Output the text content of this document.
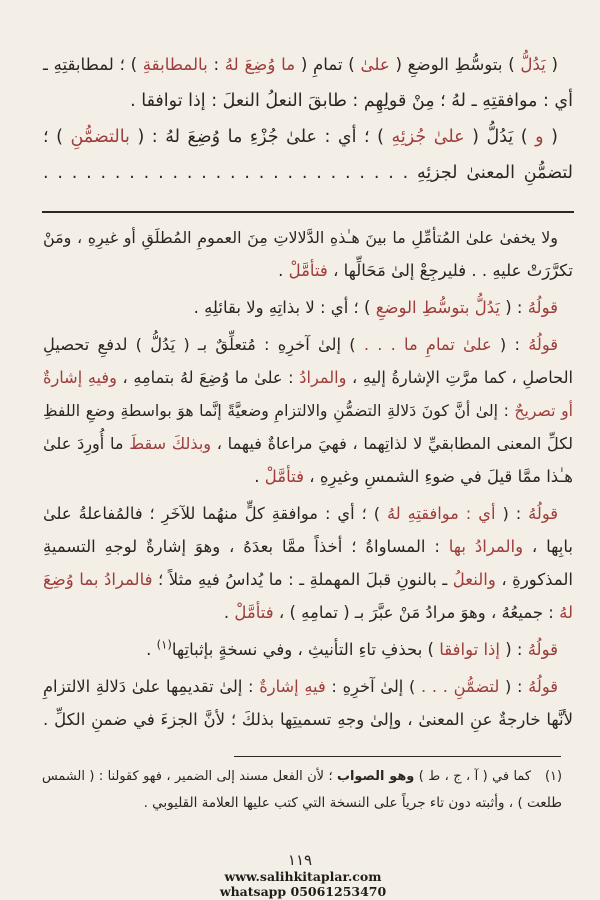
( يَدُلُّ ) بتوسُّطِ الوضعِ ( علىٰ ) تمامِ ( ما وُضِعَ لهُ : بالمطابقةِ ) ؛ لمطابقتِهِ ـ
أي : موافقتِهِ ـ لهُ ؛ مِنْ قولِهِم : طابقَ النعلُ النعلَ : إذا توافقا .
( و ) يَدُلُّ ( علىٰ جُزئِهِ ) ؛ أي : علىٰ جُزْءِ ما وُضِعَ لهُ : ( بالتضمُّنِ ) ؛
لتضمُّنِ المعنىٰ لجزئِهِ . . . . . . . . . . . . . . . . . . . . . . . . . .
ولا يخفىٰ علىٰ المُتأمِّلِ ما بينَ هـٰذهِ الدَّلالاتِ مِنَ العمومِ المُطلَقِ أو غيرِهِ ، ومَنْ
تكرَّرَتْ عليهِ . . فليرجِعْ إلىٰ مَحَالِّها ، فتأمَّلْ .
قولُهُ : ( يَدُلُّ بتوسُّطِ الوضعِ ) ؛ أي : لا بذاتِهِ ولا بقائلِهِ .
قولُهُ : ( علىٰ تمامِ ما . . . ) إلىٰ آخرِهِ : مُتعلِّقٌ بـ ( يَدُلُّ ) لدفعِ تحصيلِ
الحاصلِ ، كما مرَّتِ الإشارةُ إليهِ ، والمرادُ : علىٰ ما وُضِعَ لهُ بتمامِهِ ، وفيهِ إشارةٌ
أو تصريحٌ : إلىٰ أنَّ كونَ دَلالةِ التضمُّنِ والالتزامِ وضعيَّةً إنَّما هوَ بواسطةِ وضعِ اللفظِ
لكلِّ المعنى المطابقيِّ لا لذاتِهما ، فهيَ مراعاةٌ فيهما ، وبذلكَ سقطَ ما أُورِدَ علىٰ
هـٰذا ممَّا قيلَ في ضوءِ الشمسِ وغيرِهِ ، فتأمَّلْ .
قولُهُ : ( أي : موافقتِهِ لهُ ) ؛ أي : موافقةِ كلٍّ منهُما للآخَرِ ؛ فالمُفاعلةُ علىٰ
بابِها ، والمرادُ بها : المساواةُ ؛ أخذاً ممَّا بعدَهُ ، وهوَ إشارةٌ لوجهِ التسميةِ
المذكورةِ ، والنعلُ ـ بالنونِ قبلَ المهملةِ ـ : ما يُداسُ فيهِ مثلاً ؛ فالمرادُ بما وُضِعَ
لهُ : جميعُهُ ، وهوَ مرادُ مَنْ عبَّرَ بـ ( تمامِهِ ) ، فتأمَّلْ .
قولُهُ : ( إذا توافقا ) بحذفِ تاءِ التأنيثِ ، وفي نسخةٍ بإثباتِها$^{(١)}$ .
قولُهُ : ( لتضمُّنِ . . . ) إلىٰ آخرِهِ : فيهِ إشارةٌ : إلىٰ تقديمِها علىٰ دَلالةِ الالتزامِ
لأنَّها خارجةٌ عنِ المعنىٰ ، وإلىٰ وجهِ تسميتِها بذلكَ ؛ لأنَّ الجزءَ في ضمنِ الكلِّ .
(١)كما في ( آ ، ج ، ط ) وهو الصواب ؛ لأن الفعل مسند إلى الضمير ، فهو كقولنا : ( الشمس
طلعت ) ، وأثبته دون تاء جرياً على النسخة التي كتب عليها العلامة القليوبي .
١١٩
www.salihkitaplar.com
whatsapp 05061253470
